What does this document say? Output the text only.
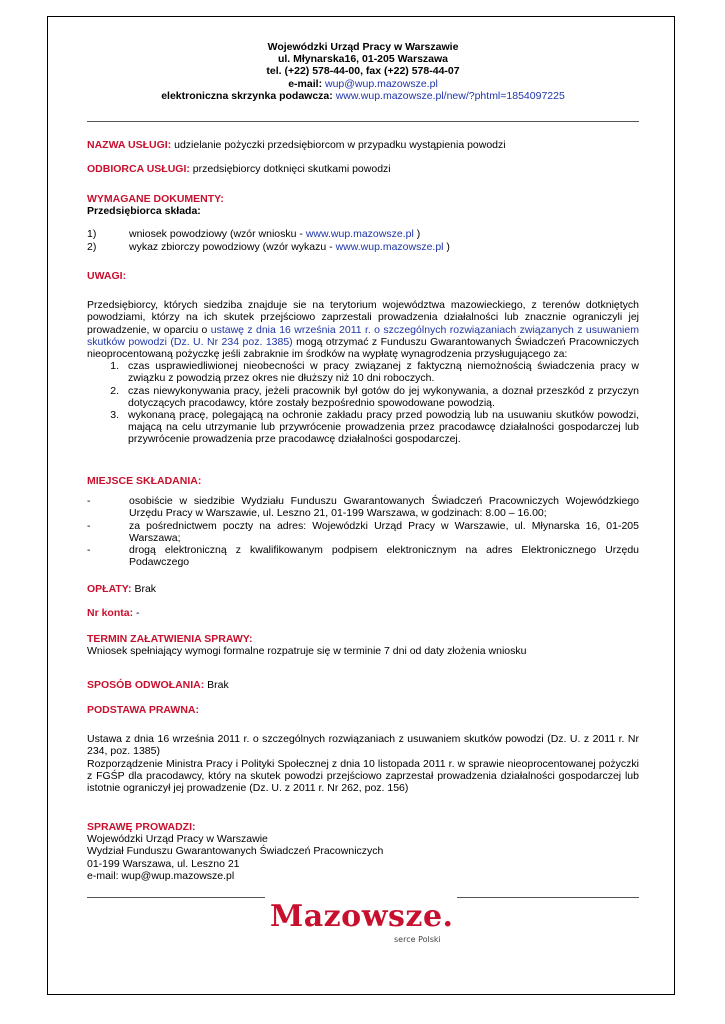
Wojewódzki Urząd Pracy w Warszawie
ul. Młynarska16, 01-205 Warszawa
tel. (+22) 578-44-00, fax (+22) 578-44-07
e-mail: wup@wup.mazowsze.pl
elektroniczna skrzynka podawcza: www.wup.mazowsze.pl/new/?phtml=1854097225
NAZWA USŁUGI: udzielanie pożyczki przedsiębiorcom w przypadku wystąpienia powodzi
ODBIORCA USŁUGI: przedsiębiorcy dotknięci skutkami powodzi
WYMAGANE DOKUMENTY:
Przedsiębiorca składa:
1)	wniosek powodziowy (wzór wniosku - www.wup.mazowsze.pl )
2)	wykaz zbiorczy powodziowy (wzór wykazu - www.wup.mazowsze.pl )
UWAGI:
Przedsiębiorcy, których siedziba znajduje sie na terytorium województwa mazowieckiego, z terenów dotkniętych powodziami, którzy na ich skutek przejściowo zaprzestali prowadzenia działalności lub znacznie ograniczyli jej prowadzenie, w oparciu o ustawę z dnia 16 września 2011 r. o szczególnych rozwiązaniach związanych z usuwaniem skutków powodzi (Dz. U. Nr 234 poz. 1385) mogą otrzymać z Funduszu Gwarantowanych Świadczeń Pracowniczych nieoprocentowaną pożyczkę jeśli zabraknie im środków na wypłatę wynagrodzenia przysługującego za:
1. czas usprawiedliwionej nieobecności w pracy związanej z faktyczną niemożnością świadczenia pracy w związku z powodzią przez okres nie dłuższy niż 10 dni roboczych.
2. czas niewykonywania pracy, jeżeli pracownik był gotów do jej wykonywania, a doznał przeszkód z przyczyn dotyczących pracodawcy, które zostały bezpośrednio spowodowane powodzią.
3. wykonaną pracę, polegającą na ochronie zakładu pracy przed powodzią lub na usuwaniu skutków powodzi, mającą na celu utrzymanie lub przywrócenie prowadzenia przez pracodawcę działalności gospodarczej lub przywrócenie prowadzenia prze pracodawcę działalności gospodarczej.
MIEJSCE SKŁADANIA:
-	osobiście w siedzibie Wydziału Funduszu Gwarantowanych Świadczeń Pracowniczych Wojewódzkiego Urzędu Pracy w Warszawie, ul. Leszno 21, 01-199 Warszawa, w godzinach: 8.00 – 16.00;
-	za pośrednictwem poczty na adres: Wojewódzki Urząd Pracy w Warszawie, ul. Młynarska 16, 01-205 Warszawa;
-	drogą elektroniczną z kwalifikowanym podpisem elektronicznym na adres Elektronicznego Urzędu Podawczego
OPŁATY: Brak
Nr konta: -
TERMIN ZAŁATWIENIA SPRAWY:
Wniosek spełniający wymogi formalne rozpatruje się w terminie 7 dni od daty złożenia wniosku
SPOSÓB ODWOŁANIA: Brak
PODSTAWA PRAWNA:
Ustawa z dnia 16 września 2011 r. o szczególnych rozwiązaniach z usuwaniem skutków powodzi (Dz. U. z 2011 r. Nr 234, poz. 1385)
Rozporządzenie Ministra Pracy i Polityki Społecznej z dnia 10 listopada 2011 r. w sprawie nieoprocentowanej pożyczki z FGŚP dla pracodawcy, który na skutek powodzi przejściowo zaprzestał prowadzenia działalności gospodarczej lub istotnie ograniczył jej prowadzenie (Dz. U. z 2011 r. Nr 262, poz. 156)
SPRAWĘ PROWADZI:
Wojewódzki Urząd Pracy w Warszawie
Wydział Funduszu Gwarantowanych Świadczeń Pracowniczych
01-199 Warszawa, ul. Leszno 21
e-mail: wup@wup.mazowsze.pl
Mazowsze.
serce Polski
